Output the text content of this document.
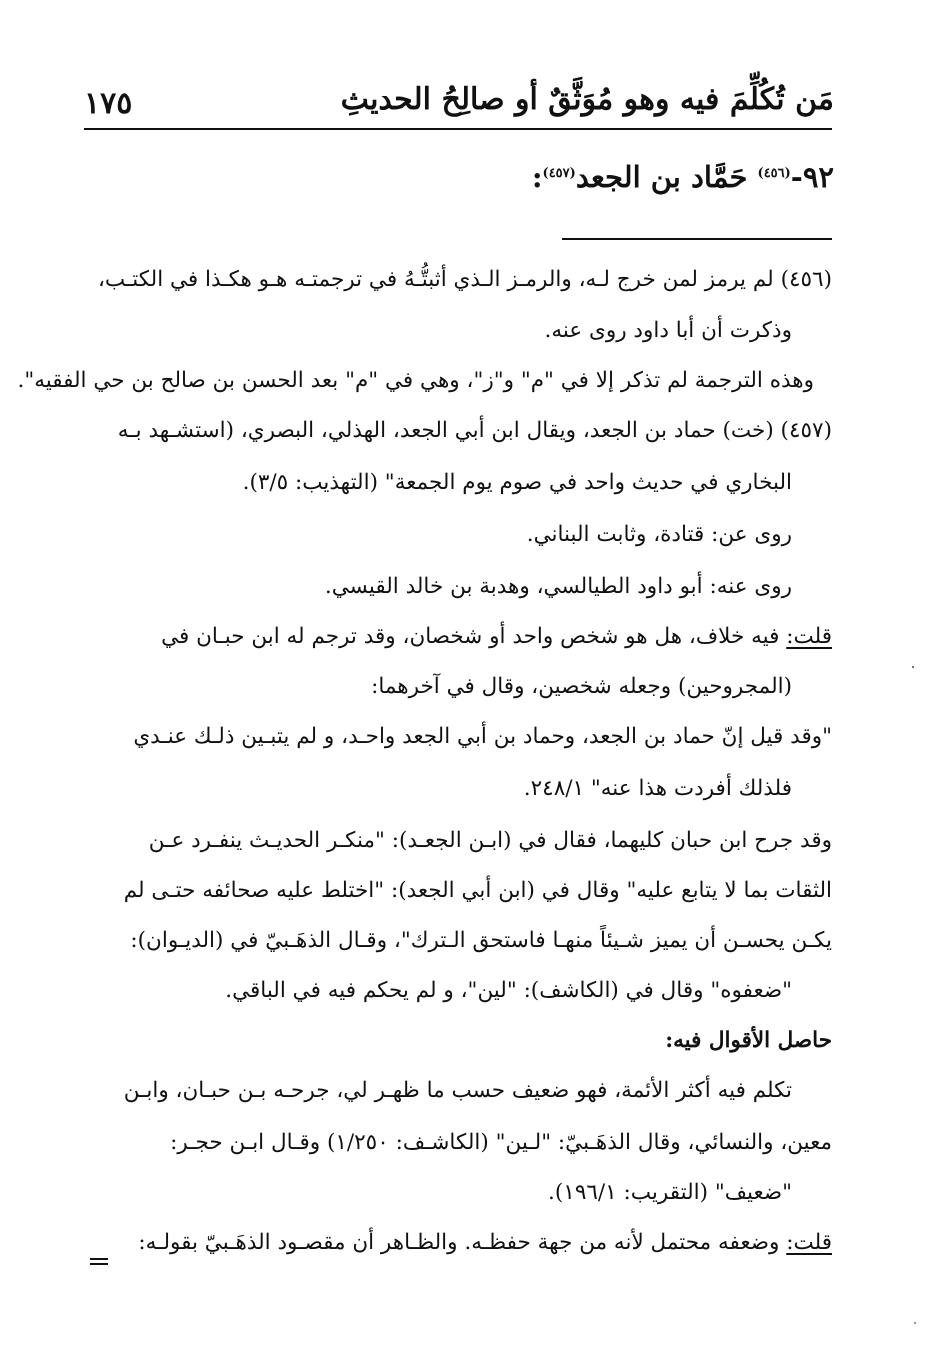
١٧٥	مَن تُكُلِّمَ فيه وهو مُوَثَّقٌ أو صالِحُ الحديثِ
٩٢-$^{(٤٥٦)}$ حَمَّاد بن الجعد$^{(٤٥٧)}$:
(٤٥٦) لم يرمز لمن خرج لـه، والرمـز الـذي أثبتُّـهُ في ترجمتـه هـو هكـذا في الكتـب،
وذكرت أن أبا داود روى عنه.
وهذه الترجمة لم تذكر إلا في "م" و"ز"، وهي في "م" بعد الحسن بن صالح بن حي الفقيه".
(٤٥٧) (خت) حماد بن الجعد، ويقال ابن أبي الجعد، الهذلي، البصري، (استشـهد بـه
البخاري في حديث واحد في صوم يوم الجمعة" (التهذيب: ٣/٥).
روى عن: قتادة، وثابت البناني.
روى عنه: أبو داود الطيالسي، وهدبة بن خالد القيسي.
قلت: فيه خلاف، هل هو شخص واحد أو شخصان، وقد ترجم له ابن حبـان في
(المجروحين) وجعله شخصين، وقال في آخرهما:
"وقد قيل إنّ حماد بن الجعد، وحماد بن أبي الجعد واحـد، و لم يتبـين ذلـك عنـدي
فلذلك أفردت هذا عنه" ٢٤٨/١.
وقد جرح ابن حبان كليهما، فقال في (ابـن الجعـد): "منكـر الحديـث ينفـرد عـن
الثقات بما لا يتابع عليه" وقال في (ابن أبي الجعد): "اختلط عليه صحائفه حتـى لم
يكـن يحسـن أن يميز شـيئاً منهـا فاستحق الـترك"، وقـال الذهَـبيّ في (الديـوان):
"ضعفوه" وقال في (الكاشف): "لين"، و لم يحكم فيه في الباقي.
حاصل الأقوال فيه:
تكلم فيه أكثر الأئمة، فهو ضعيف حسب ما ظهـر لي، جرحـه بـن حبـان، وابـن
معين، والنسائي، وقال الذهَـبيّ: "لـين" (الكاشـف: ١/٢٥٠) وقـال ابـن حجـر:
"ضعيف" (التقريب: ١٩٦/١).
قلت: وضعفه محتمل لأنه من جهة حفظـه. والظـاهر أن مقصـود الذهَـبيّ بقولـه:
